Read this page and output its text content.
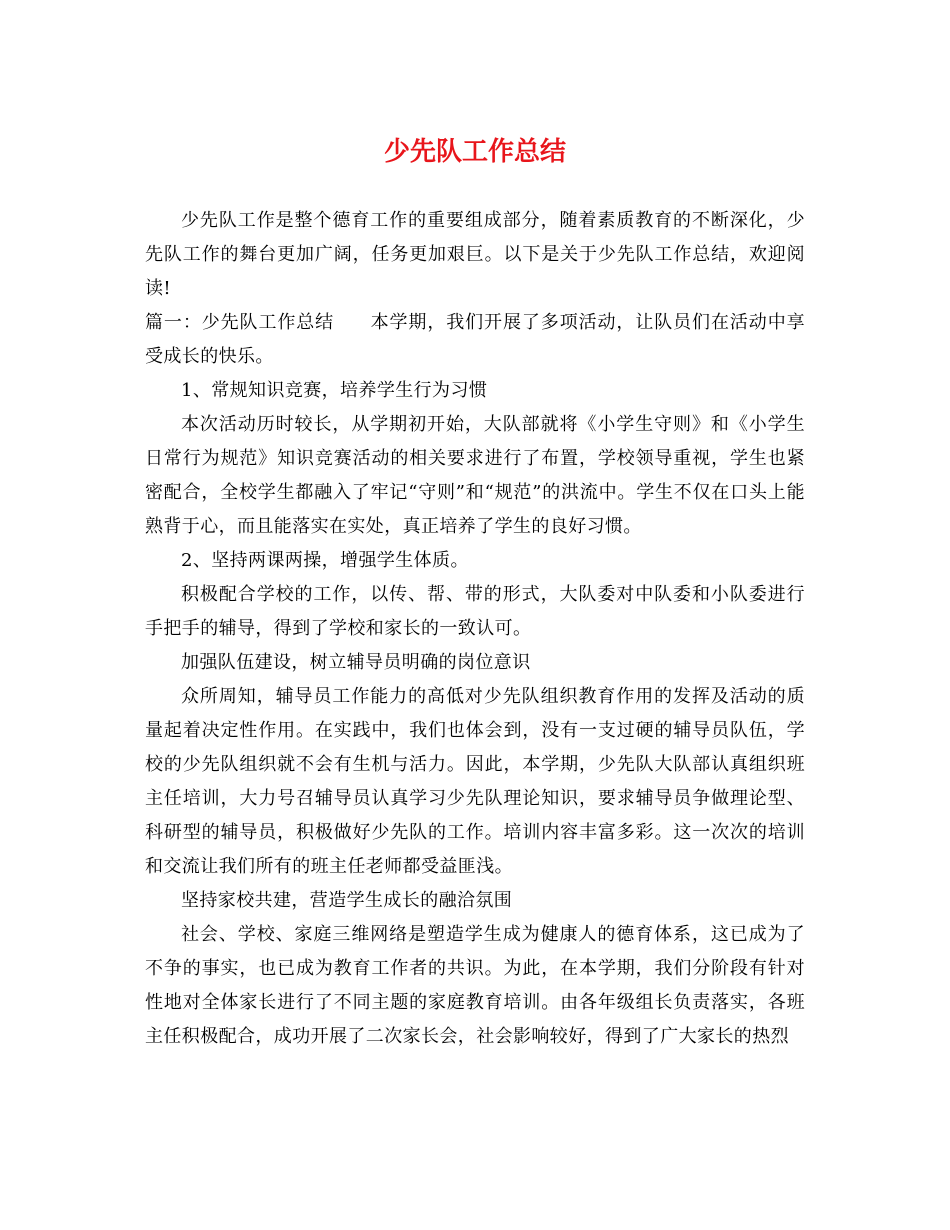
少先队工作总结

少先队工作是整个德育工作的重要组成部分，随着素质教育的不断深化，少先队工作的舞台更加广阔，任务更加艰巨。以下是关于少先队工作总结，欢迎阅读!

篇一：少先队工作总结 本学期，我们开展了多项活动，让队员们在活动中享受成长的快乐。

1、常规知识竞赛，培养学生行为习惯

本次活动历时较长，从学期初开始，大队部就将《小学生守则》和《小学生日常行为规范》知识竞赛活动的相关要求进行了布置，学校领导重视，学生也紧密配合，全校学生都融入了牢记“守则”和“规范”的洪流中。学生不仅在口头上能熟背于心，而且能落实在实处，真正培养了学生的良好习惯。

2、坚持两课两操，增强学生体质。

积极配合学校的工作，以传、帮、带的形式，大队委对中队委和小队委进行手把手的辅导，得到了学校和家长的一致认可。

加强队伍建设，树立辅导员明确的岗位意识

众所周知，辅导员工作能力的高低对少先队组织教育作用的发挥及活动的质量起着决定性作用。在实践中，我们也体会到，没有一支过硬的辅导员队伍，学校的少先队组织就不会有生机与活力。因此，本学期，少先队大队部认真组织班主任培训，大力号召辅导员认真学习少先队理论知识，要求辅导员争做理论型、科研型的辅导员，积极做好少先队的工作。培训内容丰富多彩。这一次次的培训和交流让我们所有的班主任老师都受益匪浅。

坚持家校共建，营造学生成长的融洽氛围

社会、学校、家庭三维网络是塑造学生成为健康人的德育体系，这已成为了不争的事实，也已成为教育工作者的共识。为此，在本学期，我们分阶段有针对性地对全体家长进行了不同主题的家庭教育培训。由各年级组长负责落实，各班主任积极配合，成功开展了二次家长会，社会影响较好，得到了广大家长的热烈
